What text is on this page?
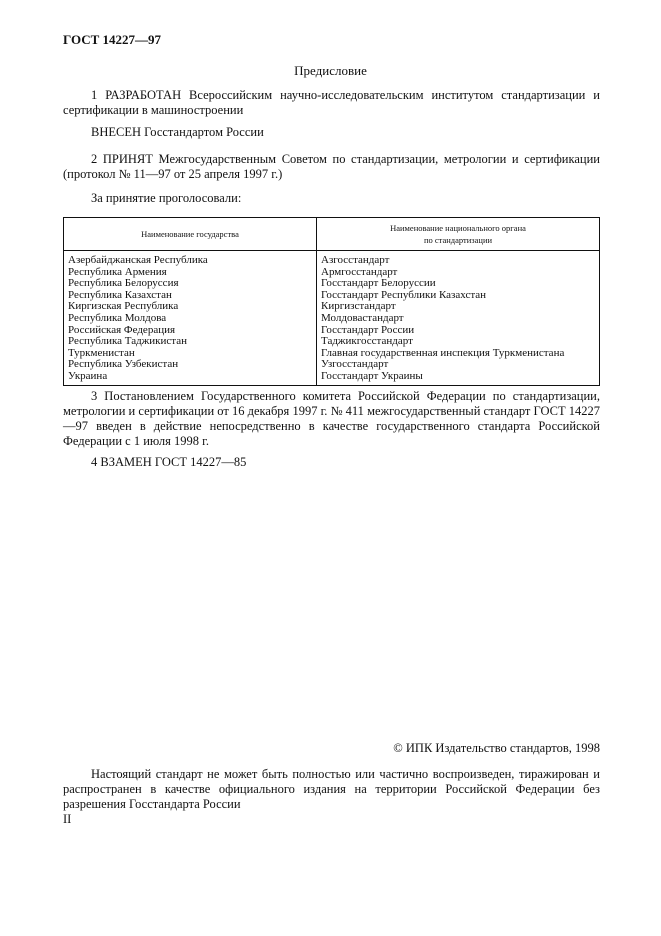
ГОСТ 14227—97
Предисловие
1 РАЗРАБОТАН Всероссийским научно-исследовательским институтом стандартизации и сертификации в машиностроении
ВНЕСЕН Госстандартом России
2 ПРИНЯТ Межгосударственным Советом по стандартизации, метрологии и сертификации (протокол № 11—97 от 25 апреля 1997 г.)
За принятие проголосовали:
Наименование государства	Наименование национального органа
по стандартизации
Азербайджанская Республика	Азгосстандарт
Республика Армения	Армгосстандарт
Республика Белоруссия	Госстандарт Белоруссии
Республика Казахстан	Госстандарт Республики Казахстан
Киргизская Республика	Киргизстандарт
Республика Молдова	Молдовастандарт
Российская Федерация	Госстандарт России
Республика Таджикистан	Таджикгосстандарт
Туркменистан	Главная государственная инспекция Туркменистана
Республика Узбекистан	Узгосстандарт
Украина	Госстандарт Украины
3 Постановлением Государственного комитета Российской Федерации по стандартизации, метрологии и сертификации от 16 декабря 1997 г. № 411 межгосударственный стандарт ГОСТ 14227—97 введен в действие непосредственно в качестве государственного стандарта Российской Федерации с 1 июля 1998 г.
4 ВЗАМЕН ГОСТ 14227—85
© ИПК Издательство стандартов, 1998
Настоящий стандарт не может быть полностью или частично воспроизведен, тиражирован и распространен в качестве официального издания на территории Российской Федерации без разрешения Госстандарта России
II
